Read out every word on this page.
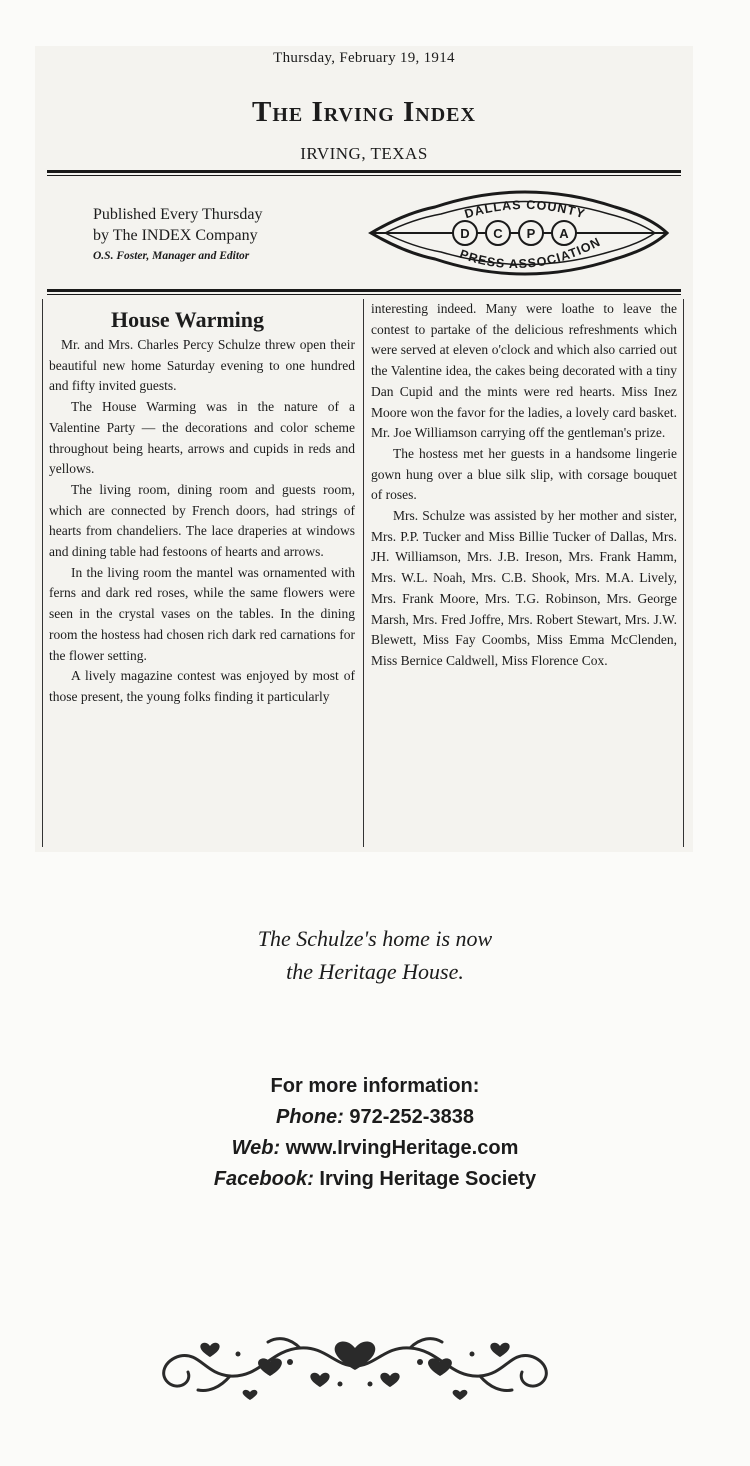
Thursday, February 19, 1914
The Irving Index
IRVING, TEXAS
Published Every Thursday
by The INDEX Company
O.S. Foster, Manager and Editor
DALLAS COUNTY
PRESS ASSOCIATION
D C P A
House Warming

Mr. and Mrs. Charles Percy Schulze threw open their beautiful new home Saturday evening to one hundred and fifty invited guests.

The House Warming was in the nature of a Valentine Party — the decorations and color scheme throughout being hearts, arrows and cupids in reds and yellows.

The living room, dining room and guests room, which are connected by French doors, had strings of hearts from chandeliers. The lace draperies at windows and dining table had festoons of hearts and arrows.

In the living room the mantel was ornamented with ferns and dark red roses, while the same flowers were seen in the crystal vases on the tables. In the dining room the hostess had chosen rich dark red carnations for the flower setting.

A lively magazine contest was enjoyed by most of those present, the young folks finding it particularly

interesting indeed. Many were loathe to leave the contest to partake of the delicious refreshments which were served at eleven o'clock and which also carried out the Valentine idea, the cakes being decorated with a tiny Dan Cupid and the mints were red hearts. Miss Inez Moore won the favor for the ladies, a lovely card basket. Mr. Joe Williamson carrying off the gentleman's prize.

The hostess met her guests in a handsome lingerie gown hung over a blue silk slip, with corsage bouquet of roses.

Mrs. Schulze was assisted by her mother and sister, Mrs. P.P. Tucker and Miss Billie Tucker of Dallas, Mrs. JH. Williamson, Mrs. J.B. Ireson, Mrs. Frank Hamm, Mrs. W.L. Noah, Mrs. C.B. Shook, Mrs. M.A. Lively, Mrs. Frank Moore, Mrs. T.G. Robinson, Mrs. George Marsh, Mrs. Fred Joffre, Mrs. Robert Stewart, Mrs. J.W. Blewett, Miss Fay Coombs, Miss Emma McClenden, Miss Bernice Caldwell, Miss Florence Cox.

The Schulze's home is now
the Heritage House.
For more information:
Phone: 972-252-3838
Web: www.IrvingHeritage.com
Facebook: Irving Heritage Society
